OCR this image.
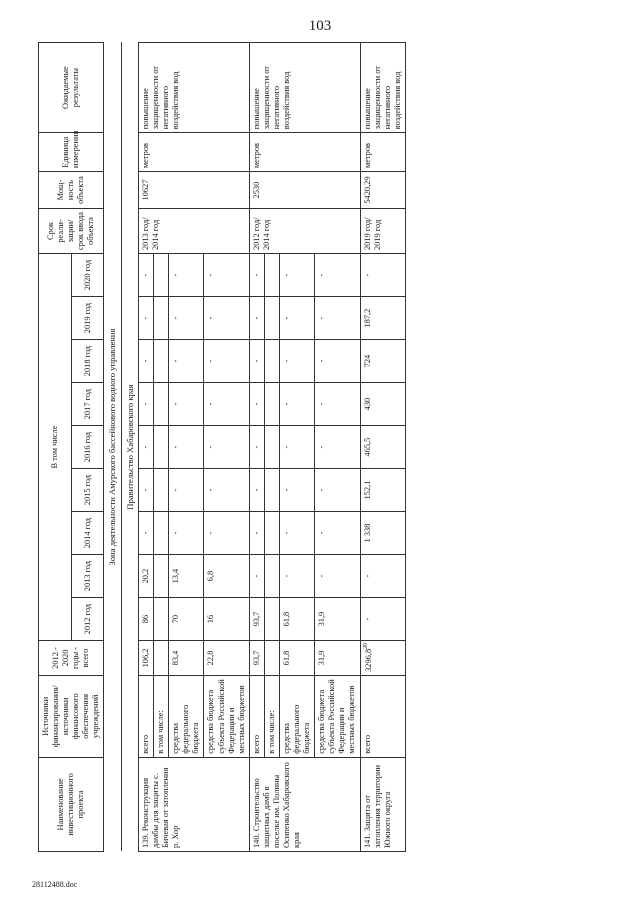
103
Наименование инвестиционного проекта	Источники финансирования/ источники финансового обеспечения учреждений	2012 - 2020 годы - всего	В том числе									Срок реали-зации/ срок ввода объекта	Мощ-ность объекта	Единица измерения	Ожидаемые результаты
			2012 год	2013 год	2014 год	2015 год	2016 год	2017 год	2018 год	2019 год	2020 год				
Зона деятельности Амурского бассейнового водного управления															
Правительство Хабаровского края															
139. Реконструкция дамбы для защиты с. Бичевая от затопления р. Хор	всего	106,2	86	20,2	-	-	-	-	-	-	-	2013 год/ 2014 год	10627	метров	повышение защищенности от негативного воздействия вод
	в том числе:														
	средства федерального бюджета	83,4	70	13,4	-	-	-	-	-	-	-				
	средства бюджета субъекта Российской Федерации и местных бюджетов	22,8	16	6,8	-	-	-	-	-	-	-				
140. Строительство защитных дамб в поселке им. Полины Осипенко Хабаровского края	всего	93,7	93,7	-	-	-	-	-	-	-	-	2012 год/ 2014 год	2530	метров	повышение защищенности от негативного воздействия вод
	в том числе:														
	средства федерального бюджета	61,8	61,8	-	-	-	-	-	-	-	-				
	средства бюджета субъекта Российской Федерации и местных бюджетов	31,9	31,9	-	-	-	-	-	-	-	-				
141. Защита от затопления территории Южного округа	всего	3296,8$^{20}$	-	-	1 338	152,1	465,5	430	724	187,2	-	2019 год/ 2019 год	5420,29	метров	повышение защищенности от негативного воздействия вод
28112488.doc
